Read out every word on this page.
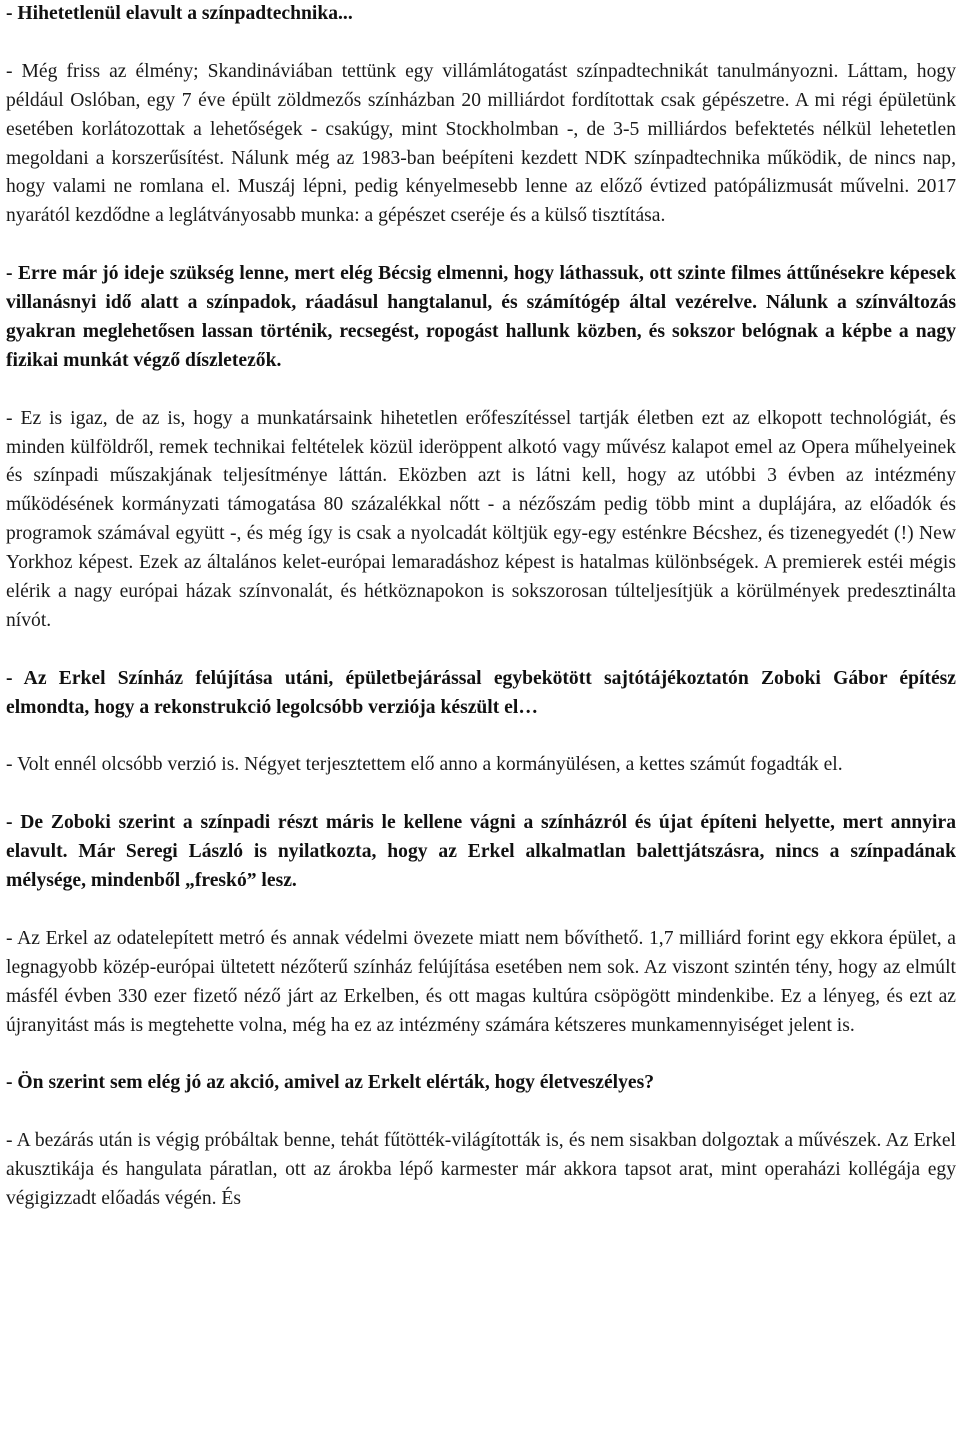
- Hihetetlenül elavult a színpadtechnika...

- Még friss az élmény; Skandináviában tettünk egy villámlátogatást színpadtechnikát tanulmányozni. Láttam, hogy például Oslóban, egy 7 éve épült zöldmezős színházban 20 milliárdot fordítottak csak gépészetre. A mi régi épületünk esetében korlátozottak a lehetőségek - csakúgy, mint Stockholmban -, de 3-5 milliárdos befektetés nélkül lehetetlen megoldani a korszerűsítést. Nálunk még az 1983-ban beépíteni kezdett NDK színpadtechnika működik, de nincs nap, hogy valami ne romlana el. Muszáj lépni, pedig kényelmesebb lenne az előző évtized patópálizmusát művelni. 2017 nyarától kezdődne a leglátványosabb munka: a gépészet cseréje és a külső tisztítása.

- Erre már jó ideje szükség lenne, mert elég Bécsig elmenni, hogy láthassuk, ott szinte filmes áttűnésekre képesek villanásnyi idő alatt a színpadok, ráadásul hangtalanul, és számítógép által vezérelve. Nálunk a színváltozás gyakran meglehetősen lassan történik, recsegést, ropogást hallunk közben, és sokszor belógnak a képbe a nagy fizikai munkát végző díszletezők.

- Ez is igaz, de az is, hogy a munkatársaink hihetetlen erőfeszítéssel tartják életben ezt az elkopott technológiát, és minden külföldről, remek technikai feltételek közül ideröppent alkotó vagy művész kalapot emel az Opera műhelyeinek és színpadi műszakjának teljesítménye láttán. Eközben azt is látni kell, hogy az utóbbi 3 évben az intézmény működésének kormányzati támogatása 80 százalékkal nőtt - a nézőszám pedig több mint a duplájára, az előadók és programok számával együtt -, és még így is csak a nyolcadát költjük egy-egy esténkre Bécshez, és tizenegyedét (!) New Yorkhoz képest. Ezek az általános kelet-európai lemaradáshoz képest is hatalmas különbségek. A premierek estéi mégis elérik a nagy európai házak színvonalát, és hétköznapokon is sokszorosan túlteljesítjük a körülmények predesztinálta nívót.

- Az Erkel Színház felújítása utáni, épületbejárással egybekötött sajtótájékoztatón Zoboki Gábor építész elmondta, hogy a rekonstrukció legolcsóbb verziója készült el…

- Volt ennél olcsóbb verzió is. Négyet terjesztettem elő anno a kormányülésen, a kettes számút fogadták el.

- De Zoboki szerint a színpadi részt máris le kellene vágni a színházról és újat építeni helyette, mert annyira elavult. Már Seregi László is nyilatkozta, hogy az Erkel alkalmatlan balettjátszásra, nincs a színpadának mélysége, mindenből „freskó” lesz.

- Az Erkel az odatelepített metró és annak védelmi övezete miatt nem bővíthető. 1,7 milliárd forint egy ekkora épület, a legnagyobb közép-európai ültetett nézőterű színház felújítása esetében nem sok. Az viszont szintén tény, hogy az elmúlt másfél évben 330 ezer fizető néző járt az Erkelben, és ott magas kultúra csöpögött mindenkibe. Ez a lényeg, és ezt az újranyitást más is megtehette volna, még ha ez az intézmény számára kétszeres munkamennyiséget jelent is.

- Ön szerint sem elég jó az akció, amivel az Erkelt elérták, hogy életveszélyes?

- A bezárás után is végig próbáltak benne, tehát fűtötték-világították is, és nem sisakban dolgoztak a művészek. Az Erkel akusztikája és hangulata páratlan, ott az árokba lépő karmester már akkora tapsot arat, mint operaházi kollégája egy végigizzadt előadás végén. És
